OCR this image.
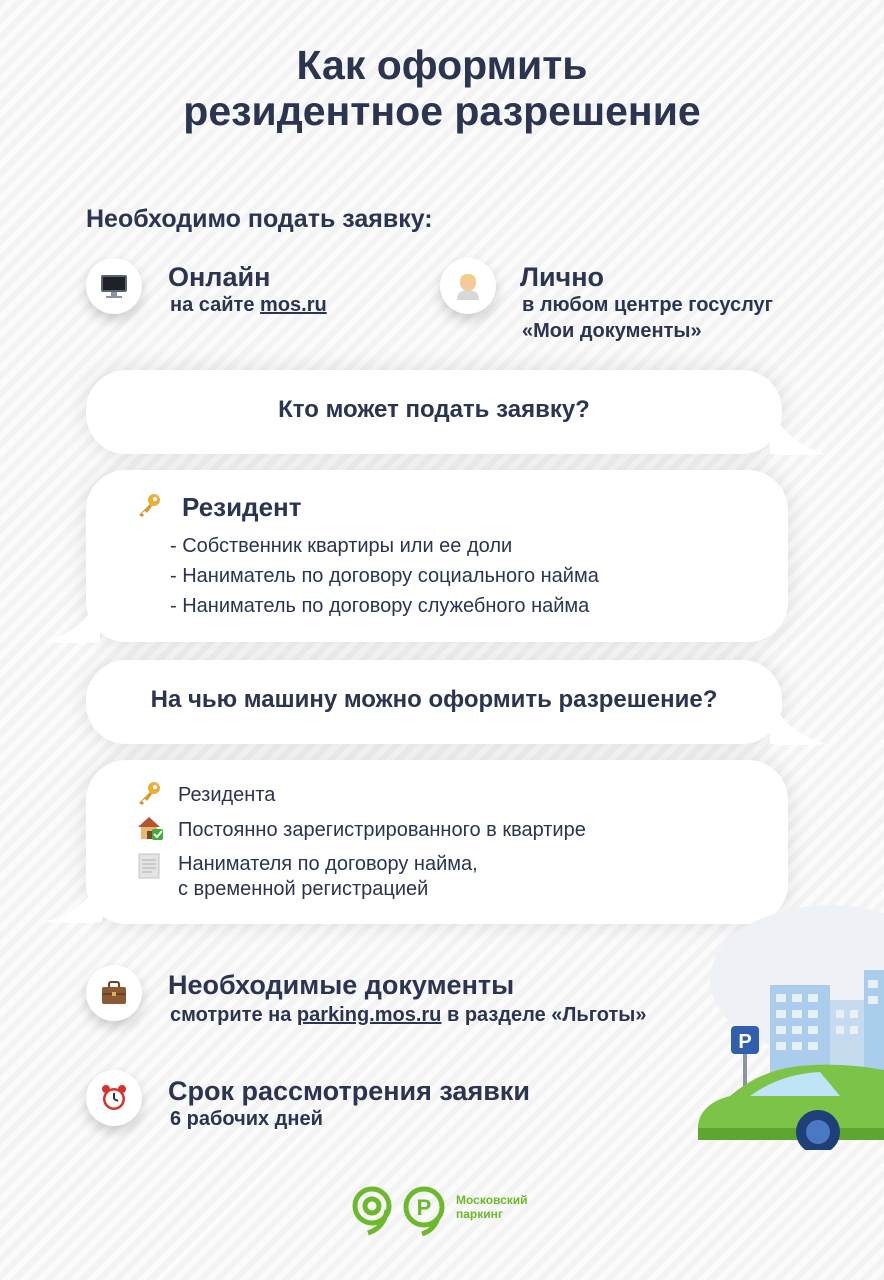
Как оформить
резидентное разрешение
Необходимо подать заявку:
Онлайн
на сайте mos.ru
Лично
в любом центре госуслуг
«Мои документы»
Кто может подать заявку?
Резидент
- Собственник квартиры или ее доли
- Наниматель по договору социального найма
- Наниматель по договору служебного найма
На чью машину можно оформить разрешение?
Резидента
Постоянно зарегистрированного в квартире
Нанимателя по договору найма,
с временной регистрацией
P
Необходимые документы
смотрите на parking.mos.ru в разделе «Льготы»
Срок рассмотрения заявки
6 рабочих дней
P Московский
паркинг
